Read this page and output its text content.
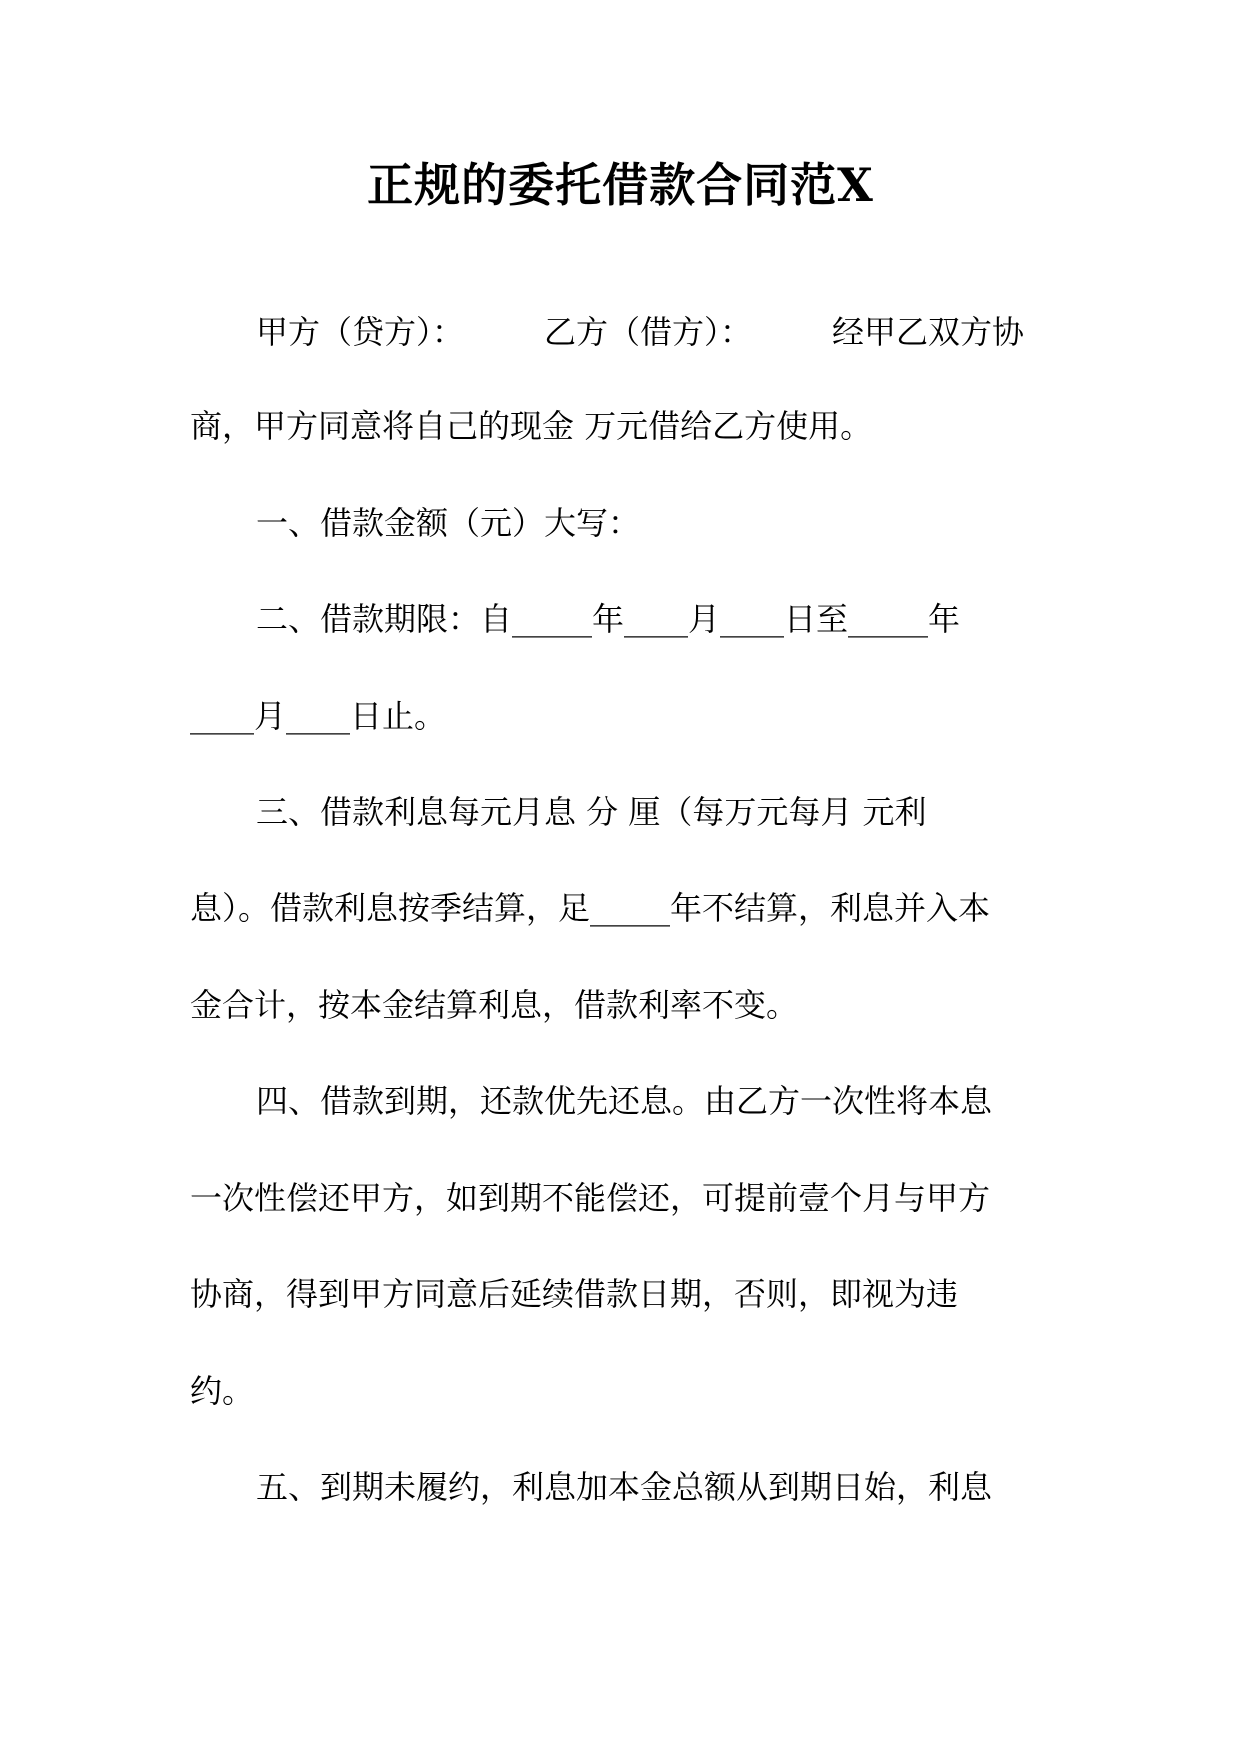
正规的委托借款合同范X
甲方（贷方）：　　　乙方（借方）：　　　经甲乙双方协
商，甲方同意将自己的现金 万元借给乙方使用。
一、借款金额（元）大写：
二、借款期限：自_____年____月____日至_____年
____月____日止。
三、借款利息每元月息 分 厘（每万元每月 元利
息）。借款利息按季结算，足_____年不结算，利息并入本
金合计，按本金结算利息，借款利率不变。
四、借款到期，还款优先还息。由乙方一次性将本息
一次性偿还甲方，如到期不能偿还，可提前壹个月与甲方
协商，得到甲方同意后延续借款日期，否则，即视为违
约。
五、到期未履约，利息加本金总额从到期日始，利息
